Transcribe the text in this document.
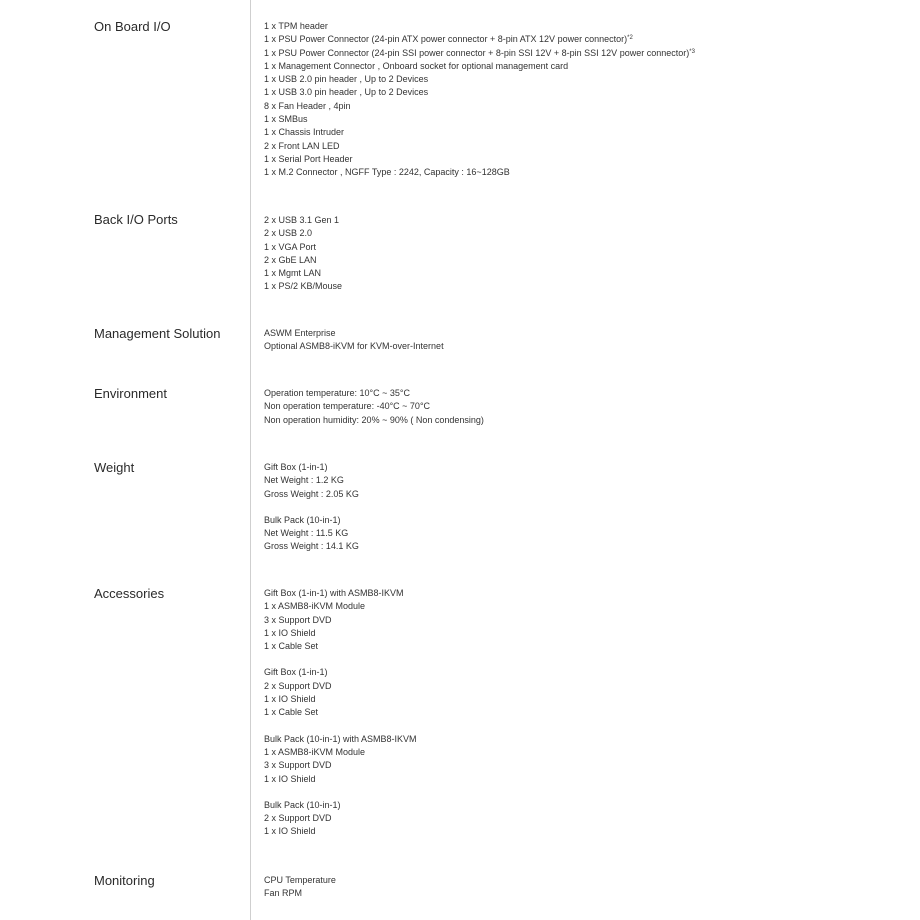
On Board I/O	1 x TPM header
1 x PSU Power Connector (24-pin ATX power connector + 8-pin ATX 12V power connector)$^{*2}$
1 x PSU Power Connector (24-pin SSI power connector + 8-pin SSI 12V + 8-pin SSI 12V power connector)$^{*3}$
1 x Management Connector , Onboard socket for optional management card
1 x USB 2.0 pin header , Up to 2 Devices
1 x USB 3.0 pin header , Up to 2 Devices
8 x Fan Header , 4pin
1 x SMBus
1 x Chassis Intruder
2 x Front LAN LED
1 x Serial Port Header
1 x M.2 Connector , NGFF Type : 2242, Capacity : 16~128GB
Back I/O Ports	2 x USB 3.1 Gen 1
2 x USB 2.0
1 x VGA Port
2 x GbE LAN
1 x Mgmt LAN
1 x PS/2 KB/Mouse
Management Solution	ASWM Enterprise
Optional ASMB8-iKVM for KVM-over-Internet
Environment	Operation temperature: 10°C ~ 35°C
Non operation temperature: -40°C ~ 70°C
Non operation humidity: 20% ~ 90% ( Non condensing)
Weight	Gift Box (1-in-1)
Net Weight : 1.2 KG
Gross Weight : 2.05 KG
Bulk Pack (10-in-1)
Net Weight : 11.5 KG
Gross Weight : 14.1 KG
Accessories	Gift Box (1-in-1) with ASMB8-IKVM
1 x ASMB8-iKVM Module
3 x Support DVD
1 x IO Shield
1 x Cable Set
Gift Box (1-in-1)
2 x Support DVD
1 x IO Shield
1 x Cable Set
Bulk Pack (10-in-1) with ASMB8-IKVM
1 x ASMB8-iKVM Module
3 x Support DVD
1 x IO Shield
Bulk Pack (10-in-1)
2 x Support DVD
1 x IO Shield
Monitoring	CPU Temperature
Fan RPM
